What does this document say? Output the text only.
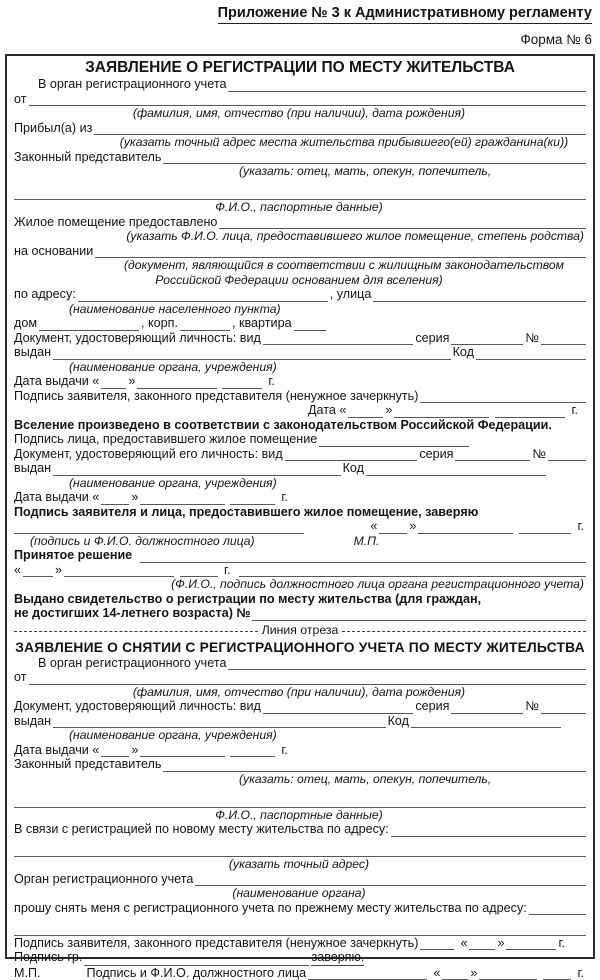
Приложение № 3 к Административному регламенту
Форма № 6
ЗАЯВЛЕНИЕ О РЕГИСТРАЦИИ ПО МЕСТУ ЖИТЕЛЬСТВА
В орган регистрационного учета
от
(фамилия, имя, отчество (при наличии), дата рождения)
Прибыл(а) из
(указать точный адрес места жительства прибывшего(ей) гражданина(ки))
Законный представитель
(указать: отец, мать, опекун, попечитель,
Ф.И.О., паспортные данные)
Жилое помещение предоставлено
(указать Ф.И.О. лица, предоставившего жилое помещение, степень родства)
на основании
(документ, являющийся в соответствии с жилищным законодательством
Российской Федерации основанием для вселения)
по адресу:	, улица
(наименование населенного пункта)
дом	, корп.	, квартира
Документ, удостоверяющий личность: вид	серия	№
выдан	Код
(наименование органа, учреждения)
Дата выдачи « »	г.
Подпись заявителя, законного представителя (ненужное зачеркнуть)
Дата «	»	г.
Вселение произведено в соответствии с законодательством Российской Федерации.
Подпись лица, предоставившего жилое помещение
Документ, удостоверяющий его личность: вид	серия	№
выдан	Код
(наименование органа, учреждения)
Дата выдачи «	»	г.
Подпись заявителя и лица, предоставившего жилое помещение, заверяю
«	»	г.
(подпись и Ф.И.О. должностного лица)	М.П.
Принятое решение
«	»	г.
(Ф.И.О., подпись должностного лица органа регистрационного учета)
Выдано свидетельство о регистрации по месту жительства (для граждан,
не достигших 14-летнего возраста) №
Линия отреза
ЗАЯВЛЕНИЕ О СНЯТИИ С РЕГИСТРАЦИОННОГО УЧЕТА ПО МЕСТУ ЖИТЕЛЬСТВА
В орган регистрационного учета
от
(фамилия, имя, отчество (при наличии), дата рождения)
Документ, удостоверяющий личность: вид	серия	№
выдан	Код
(наименование органа, учреждения)
Дата выдачи «	»	г.
Законный представитель
(указать: отец, мать, опекун, попечитель,
Ф.И.О., паспортные данные)
В связи с регистрацией по новому месту жительства по адресу:
(указать точный адрес)
Орган регистрационного учета
(наименование органа)
прошу снять меня с регистрационного учета по прежнему месту жительства по адресу:
Подпись заявителя, законного представителя (ненужное зачеркнуть)	« »	г.
Подпись гр.	заверяю.
М.П.	Подпись и Ф.И.О. должностного лица	« »	г.
